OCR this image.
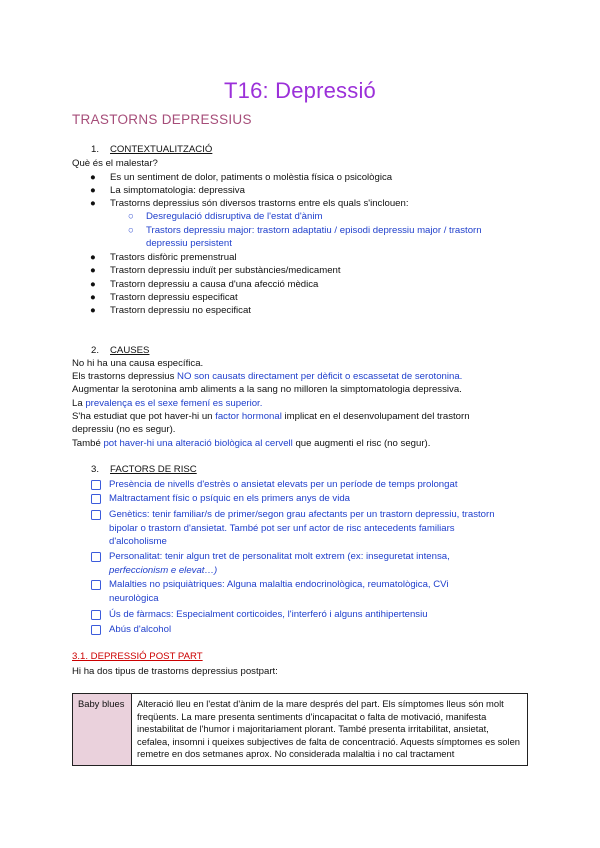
T16: Depressió
TRASTORNS DEPRESSIUS
1. CONTEXTUALITZACIÓ
Què és el malestar?
● Es un sentiment de dolor, patiments o molèstia física o psicològica
● La simptomatologia: depressiva
● Trastorns depressius són diversos trastorns entre els quals s'inclouen:
○ Desregulació ddisruptiva de l'estat d'ànim
○ Trastors depressiu major: trastorn adaptatiu / episodi depressiu major / trastorn
depressiu persistent
● Trastors disfòric premenstrual
● Trastorn depressiu induït per substàncies/medicament
● Trastorn depressiu a causa d'una afecció mèdica
● Trastorn depressiu especificat
● Trastorn depressiu no especificat
2. CAUSES
No hi ha una causa específica.
Els trastorns depressius NO son causats directament per dèficit o escassetat de serotonina.
Augmentar la serotonina amb aliments a la sang no milloren la simptomatologia depressiva.
La prevalença es el sexe femení es superior.
S'ha estudiat que pot haver-hi un factor hormonal implicat en el desenvolupament del trastorn
depressiu (no es segur).
També pot haver-hi una alteració biològica al cervell que augmenti el risc (no segur).
3. FACTORS DE RISC
Presència de nivells d'estrès o ansietat elevats per un període de temps prolongat
Maltractament físic o psíquic en els primers anys de vida
Genètics: tenir familiar/s de primer/segon grau afectants per un trastorn depressiu, trastorn
bipolar o trastorn d'ansietat. També pot ser unf actor de risc antecedents familiars
d'alcoholisme
Personalitat: tenir algun tret de personalitat molt extrem (ex: inseguretat intensa,
perfeccionism e elevat…)
Malalties no psiquiàtriques: Alguna malaltia endocrinològica, reumatològica, CVi
neurològica
Ús de fàrmacs: Especialment corticoides, l'interferó i alguns antihipertensiu
Abús d'alcohol
3.1. DEPRESSIÓ POST PART
Hi ha dos tipus de trastorns depressius postpart:
Baby blues	Alteració lleu en l'estat d'ànim de la mare després del part. Els símptomes lleus són molt freqüents. La mare presenta sentiments d'incapacitat o falta de motivació, manifesta inestabilitat de l'humor i majoritariament plorant. També presenta irritabilitat, ansietat, cefalea, insomni i queixes subjectives de falta de concentració. Aquests símptomes es solen remetre en dos setmanes aprox. No considerada malaltia i no cal tractament
